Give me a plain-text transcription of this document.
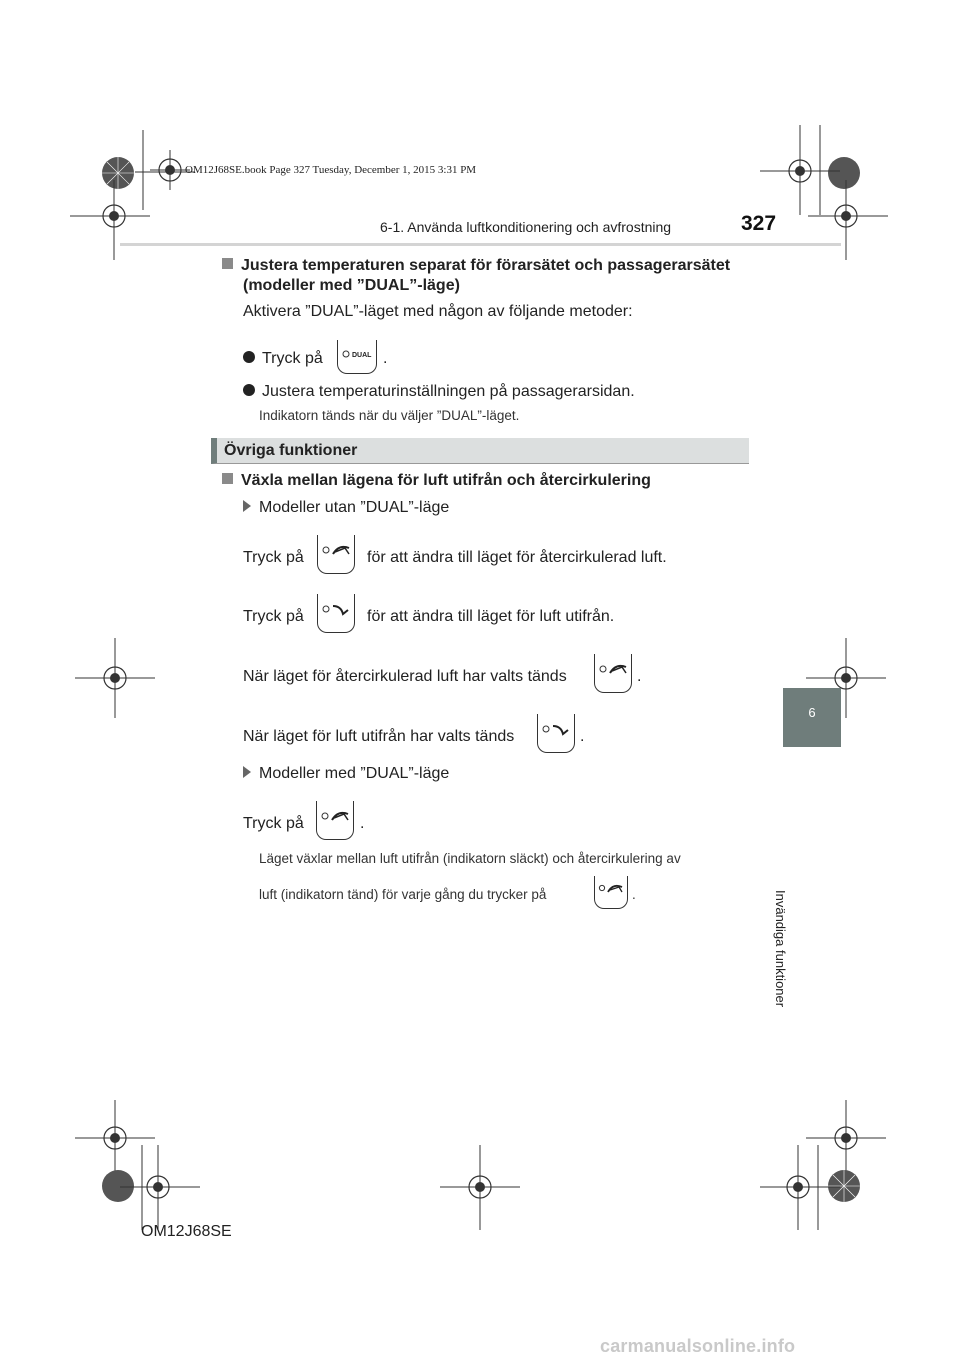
OM12J68SE.book Page 327 Tuesday, December 1, 2015 3:31 PM
6-1. Använda luftkonditionering och avfrostning	327
6
Invändiga funktioner
Justera temperaturen separat för förarsätet och passagerarsätet
(modeller med ”DUAL”-läge)
Aktivera ”DUAL”-läget med någon av följande metoder:
Tryck på	DUAL .
Justera temperaturinställningen på passagerarsidan.
Indikatorn tänds när du väljer ”DUAL”-läget.
Övriga funktioner
Växla mellan lägena för luft utifrån och återcirkulering
Modeller utan ”DUAL”-läge
Tryck på	för att ändra till läget för återcirkulerad luft.
Tryck på	för att ändra till läget för luft utifrån.
När läget för återcirkulerad luft har valts tänds	.
När läget för luft utifrån har valts tänds	.
Modeller med ”DUAL”-läge
Tryck på	.
Läget växlar mellan luft utifrån (indikatorn släckt) och återcirkulering av
luft (indikatorn tänd) för varje gång du trycker på	.
OM12J68SE
carmanualsonline.info
